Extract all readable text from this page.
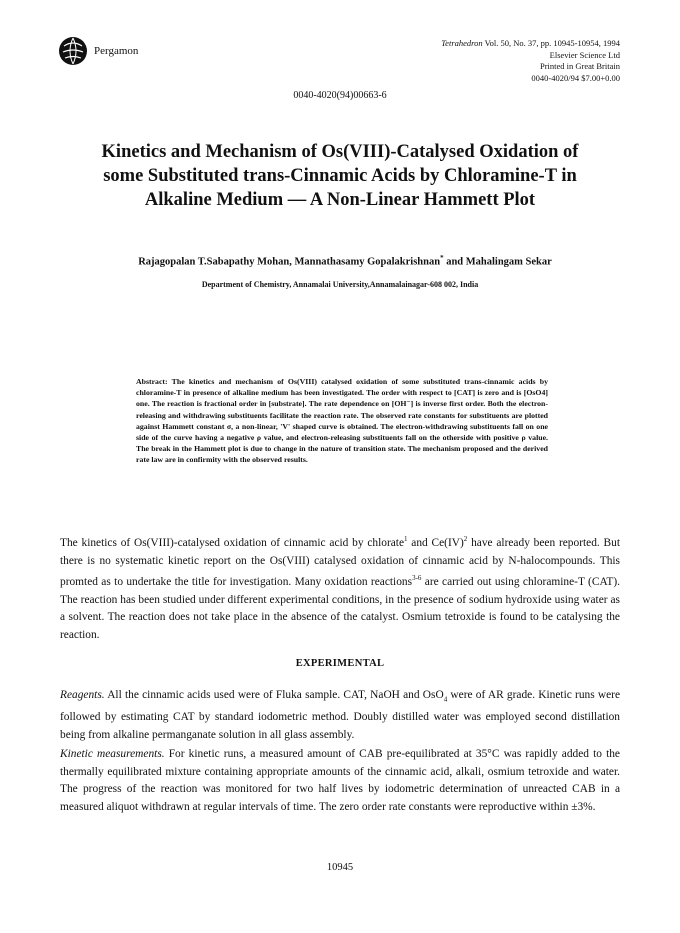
Pergamon
Tetrahedron Vol. 50, No. 37, pp. 10945-10954, 1994
Elsevier Science Ltd
Printed in Great Britain
0040-4020/94 $7.00+0.00
0040-4020(94)00663-6
Kinetics and Mechanism of Os(VIII)-Catalysed Oxidation of some Substituted trans-Cinnamic Acids by Chloramine-T in Alkaline Medium — A Non-Linear Hammett Plot
Rajagopalan T.Sabapathy Mohan, Mannathasamy Gopalakrishnan* and Mahalingam Sekar
Department of Chemistry, Annamalai University,Annamalainagar-608 002, India
Abstract: The kinetics and mechanism of Os(VIII) catalysed oxidation of some substituted trans-cinnamic acids by chloramine-T in presence of alkaline medium has been investigated. The order with respect to [CAT] is zero and is [OsO4] one. The reaction is fractional order in [substrate]. The rate dependence on [OH⁻] is inverse first order. Both the electron-releasing and withdrawing substituents facilitate the reaction rate. The observed rate constants for substituents are plotted against Hammett constant σ, a non-linear, 'V' shaped curve is obtained. The electron-withdrawing substituents fall on one side of the curve having a negative ρ value, and electron-releasing substituents fall on the otherside with positive ρ value. The break in the Hammett plot is due to change in the nature of transition state. The mechanism proposed and the derived rate law are in confirmity with the observed results.
The kinetics of Os(VIII)-catalysed oxidation of cinnamic acid by chlorate$^1$ and Ce(IV)$^2$ have already been reported. But there is no systematic kinetic report on the Os(VIII) catalysed oxidation of cinnamic acid by N-halocompounds. This promted as to undertake the title for investigation. Many oxidation reactions$^{3-6}$ are carried out using chloramine-T (CAT). The reaction has been studied under different experimental conditions, in the presence of sodium hydroxide using water as a solvent. The reaction does not take place in the absence of the catalyst. Osmium tetroxide is found to be catalysing the reaction.
EXPERIMENTAL
Reagents. All the cinnamic acids used were of Fluka sample. CAT, NaOH and OsO$_4$ were of AR grade. Kinetic runs were followed by estimating CAT by standard iodometric method. Doubly distilled water was employed second distillation being from alkaline permanganate solution in all glass assembly.
Kinetic measurements. For kinetic runs, a measured amount of CAB pre-equilibrated at 35°C was rapidly added to the thermally equilibrated mixture containing appropriate amounts of the cinnamic acid, alkali, osmium tetroxide and water. The progress of the reaction was monitored for two half lives by iodometric determination of unreacted CAB in a measured aliquot withdrawn at regular intervals of time. The zero order rate constants were reproductive within ±3%.
10945
